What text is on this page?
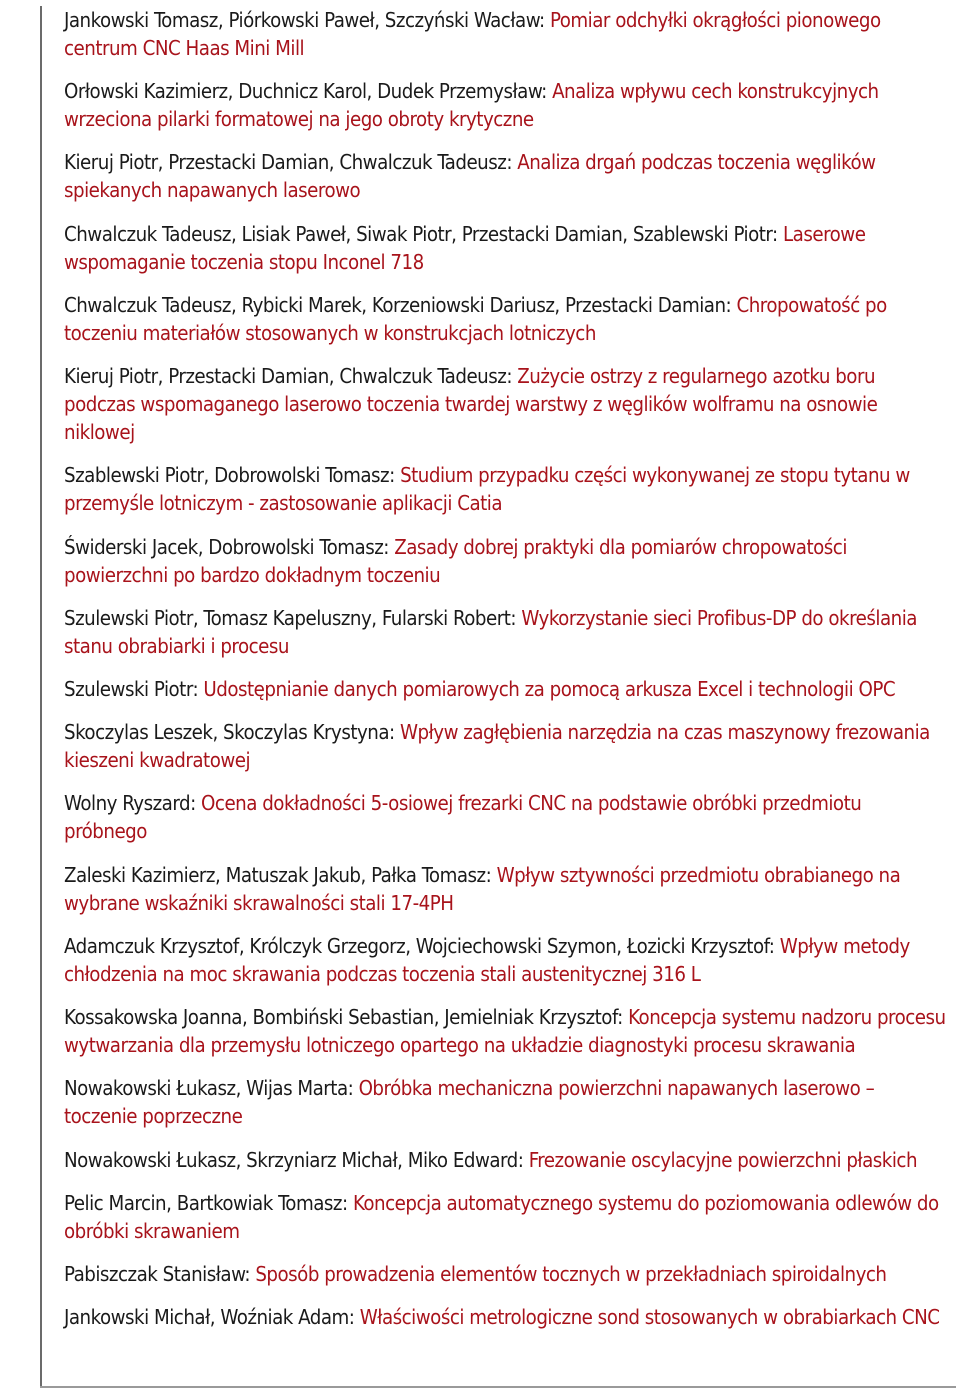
Jankowski Tomasz, Piórkowski Paweł, Szczyński Wacław: Pomiar odchyłki okrągłości pionowego centrum CNC Haas Mini Mill
Orłowski Kazimierz, Duchnicz Karol, Dudek Przemysław: Analiza wpływu cech konstrukcyjnych wrzeciona pilarki formatowej na jego obroty krytyczne
Kieruj Piotr, Przestacki Damian, Chwalczuk Tadeusz: Analiza drgań podczas toczenia węglików spiekanych napawanych laserowo
Chwalczuk Tadeusz, Lisiak Paweł, Siwak Piotr, Przestacki Damian, Szablewski Piotr: Laserowe wspomaganie toczenia stopu Inconel 718
Chwalczuk Tadeusz, Rybicki Marek, Korzeniowski Dariusz, Przestacki Damian: Chropowatość po toczeniu materiałów stosowanych w konstrukcjach lotniczych
Kieruj Piotr, Przestacki Damian, Chwalczuk Tadeusz: Zużycie ostrzy z regularnego azotku boru podczas wspomaganego laserowo toczenia twardej warstwy z węglików wolframu na osnowie niklowej
Szablewski Piotr, Dobrowolski Tomasz: Studium przypadku części wykonywanej ze stopu tytanu w przemyśle lotniczym - zastosowanie aplikacji Catia
Świderski Jacek, Dobrowolski Tomasz: Zasady dobrej praktyki dla pomiarów chropowatości powierzchni po bardzo dokładnym toczeniu
Szulewski Piotr, Tomasz Kapeluszny, Fularski Robert: Wykorzystanie sieci Profibus-DP do określania stanu obrabiarki i procesu
Szulewski Piotr: Udostępnianie danych pomiarowych za pomocą arkusza Excel i technologii OPC
Skoczylas Leszek, Skoczylas Krystyna: Wpływ zagłębienia narzędzia na czas maszynowy frezowania kieszeni kwadratowej
Wolny Ryszard: Ocena dokładności 5-osiowej frezarki CNC na podstawie obróbki przedmiotu próbnego
Zaleski Kazimierz, Matuszak Jakub, Pałka Tomasz: Wpływ sztywności przedmiotu obrabianego na wybrane wskaźniki skrawalności stali 17-4PH
Adamczuk Krzysztof, Królczyk Grzegorz, Wojciechowski Szymon, Łozicki Krzysztof: Wpływ metody chłodzenia na moc skrawania podczas toczenia stali austenitycznej 316 L
Kossakowska Joanna, Bombiński Sebastian, Jemielniak Krzysztof: Koncepcja systemu nadzoru procesu wytwarzania dla przemysłu lotniczego opartego na układzie diagnostyki procesu skrawania
Nowakowski Łukasz, Wijas Marta: Obróbka mechaniczna powierzchni napawanych laserowo – toczenie poprzeczne
Nowakowski Łukasz, Skrzyniarz Michał, Miko Edward: Frezowanie oscylacyjne powierzchni płaskich
Pelic Marcin, Bartkowiak Tomasz: Koncepcja automatycznego systemu do poziomowania odlewów do obróbki skrawaniem
Pabiszczak Stanisław: Sposób prowadzenia elementów tocznych w przekładniach spiroidalnych
Jankowski Michał, Woźniak Adam: Właściwości metrologiczne sond stosowanych w obrabiarkach CNC
